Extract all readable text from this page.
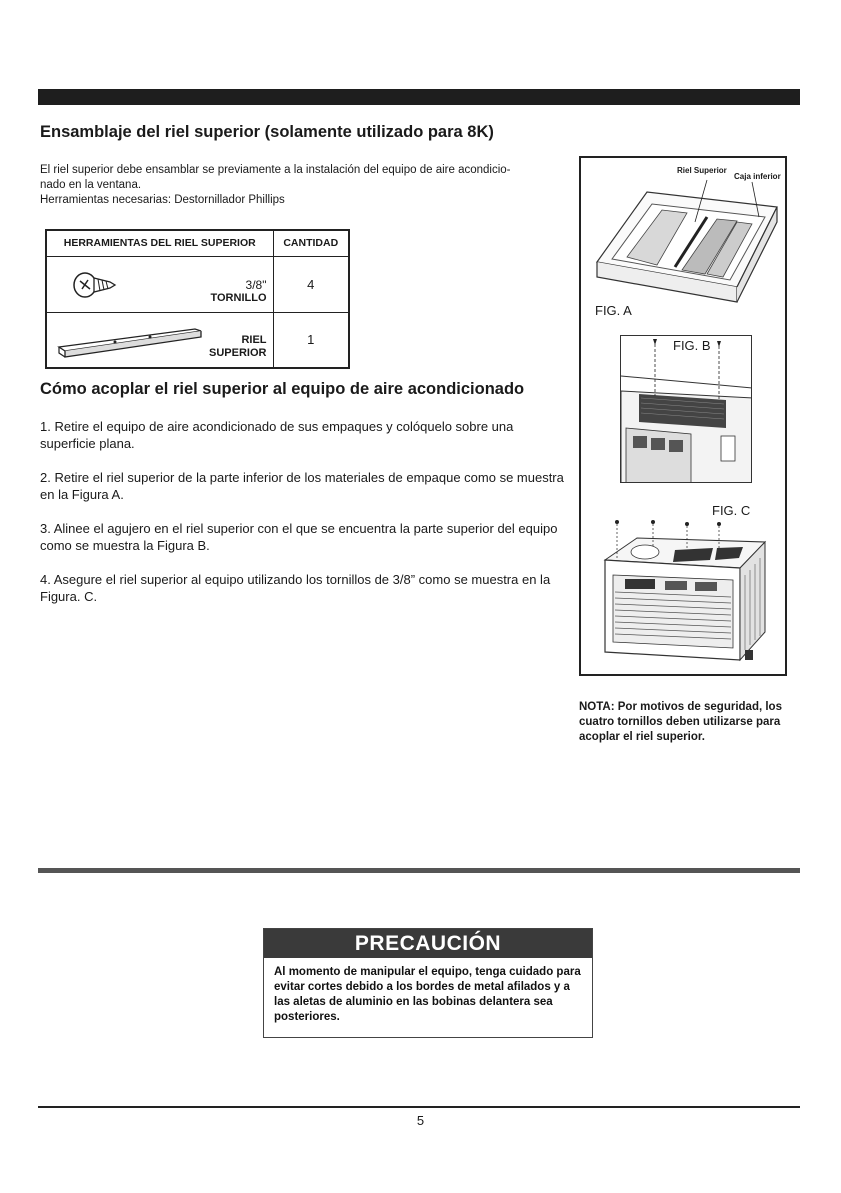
Ensamblaje del riel superior (solamente utilizado para 8K)

El riel superior debe ensamblar se previamente a la instalación del equipo de aire acondicio-

nado en la ventana.

Herramientas necesarias: Destornillador Phillips

HERRAMIENTAS DEL RIEL SUPERIOR	CANTIDAD

3/8"
TORNILLO	4

RIEL
SUPERIOR	1
Cómo acoplar el riel superior al equipo de aire acondicionado

1. Retire el equipo de aire acondicionado de sus empaques y colóquelo sobre una superficie plana.

2. Retire el riel superior de la parte inferior de los materiales de empaque como se muestra en la Figura A.

3. Alinee el agujero en el riel superior con el que se encuentra la parte superior del equipo como se muestra la Figura B.

4. Asegure el riel superior al equipo utilizando los tornillos de 3/8” como se muestra en la Figura. C.

Riel Superior
Caja inferior
FIG. A
FIG. B
FIG. C
NOTA: Por motivos de seguridad, los cuatro tornillos deben utilizarse para acoplar el riel superior.
PRECAUCIÓN
Al momento de manipular el equipo, tenga cuidado para evitar cortes debido a los bordes de metal afilados y a las aletas de aluminio en las bobinas delantera sea posteriores.
5
